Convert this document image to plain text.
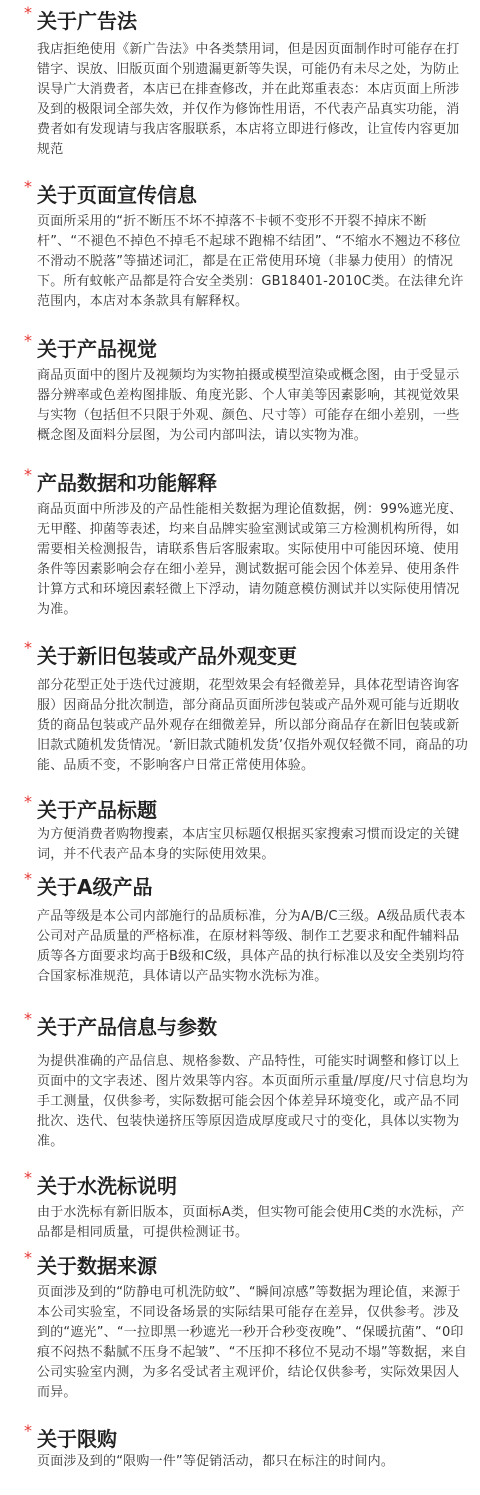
* 关于广告法
我店拒绝使用《新广告法》中各类禁用词，但是因页面制作时可能存在打错字、误放、旧版页面个别遗漏更新等失误，可能仍有未尽之处，为防止误导广大消费者，本店已在排查修改，并在此郑重表态：本店页面上所涉及到的极限词全部失效，并仅作为修饰性用语，不代表产品真实功能，消费者如有发现请与我店客服联系，本店将立即进行修改，让宣传内容更加规范
* 关于页面宣传信息
页面所采用的“折不断压不坏不掉落不卡顿不变形不开裂不掉床不断杆”、“不褪色不掉色不掉毛不起球不跑棉不结团”、“不缩水不翘边不移位不滑动不脱落”等描述词汇，都是在正常使用环境（非暴力使用）的情况下。所有蚊帐产品都是符合安全类别：GB18401-2010C类。在法律允许范围内，本店对本条款具有解释权。
* 关于产品视觉
商品页面中的图片及视频均为实物拍摄或模型渲染或概念图，由于受显示器分辨率或色差构图排版、角度光影、个人审美等因素影响，其视觉效果与实物（包括但不只限于外观、颜色、尺寸等）可能存在细小差别，一些概念图及面料分层图，为公司内部叫法，请以实物为准。
* 产品数据和功能解释
商品页面中所涉及的产品性能相关数据为理论值数据，例：99%遮光度、无甲醛、抑菌等表述，均来自品牌实验室测试或第三方检测机构所得，如需要相关检测报告，请联系售后客服索取。实际使用中可能因环境、使用条件等因素影响会存在细小差异，测试数据可能会因个体差异、使用条件计算方式和环境因素轻微上下浮动，请勿随意模仿测试并以实际使用情况为准。
* 关于新旧包装或产品外观变更
部分花型正处于迭代过渡期，花型效果会有轻微差异，具体花型请咨询客服）因商品分批次制造，部分商品页面所涉包装或产品外观可能与近期收货的商品包装或产品外观存在细微差异，所以部分商品存在新旧包装或新旧款式随机发货情况。‘新旧款式随机发货’仅指外观仅轻微不同，商品的功能、品质不变，不影响客户日常正常使用体验。
* 关于产品标题
为方便消费者购物搜素，本店宝贝标题仅根据买家搜索习惯而设定的关键词，并不代表产品本身的实际使用效果。
* 关于A级产品
产品等级是本公司内部施行的品质标准，分为A/B/C三级。A级品质代表本公司对产品质量的严格标准，在原材料等级、制作工艺要求和配件辅料品质等各方面要求均高于B级和C级，具体产品的执行标准以及安全类别均符合国家标准规范，具体请以产品实物水洗标为准。
* 关于产品信息与参数
为提供准确的产品信息、规格参数、产品特性，可能实时调整和修订以上页面中的文字表述、图片效果等内容。本页面所示重量/厚度/尺寸信息均为手工测量，仅供参考，实际数据可能会因个体差异环境变化，或产品不同批次、迭代、包装快递挤压等原因造成厚度或尺寸的变化，具体以实物为准。
* 关于水洗标说明
由于水洗标有新旧版本，页面标A类，但实物可能会使用C类的水洗标，产品都是相同质量，可提供检测证书。
* 关于数据来源
页面涉及到的“防静电可机洗防蚊”、“瞬间凉感”等数据为理论值，来源于本公司实验室，不同设备场景的实际结果可能存在差异，仅供参考。涉及到的“遮光”、“一拉即黑一秒遮光一秒开合秒变夜晚”、“保暖抗菌”、“0印痕不闷热不黏腻不压身不起皱”、“不压抑不移位不晃动不塌”等数据，来自公司实验室内测，为多名受试者主观评价，结论仅供参考，实际效果因人而异。
* 关于限购
页面涉及到的“限购一件”等促销活动，都只在标注的时间内。
